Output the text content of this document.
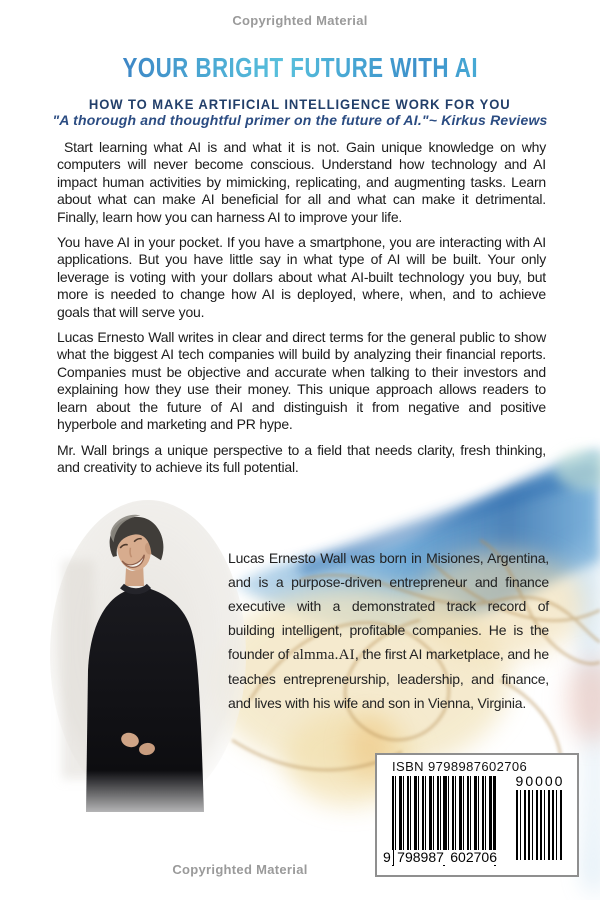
Copyrighted Material
YOUR BRIGHT FUTURE WITH AI
HOW TO MAKE ARTIFICIAL INTELLIGENCE WORK FOR YOU
"A thorough and thoughtful primer on the future of AI."~ Kirkus Reviews

Start learning what AI is and what it is not. Gain unique knowledge on why computers will never become conscious. Understand how technology and AI impact human activities by mimicking, replicating, and augmenting tasks. Learn about what can make AI beneficial for all and what can make it detrimental. Finally, learn how you can harness AI to improve your life.

You have AI in your pocket. If you have a smartphone, you are interacting with AI applications. But you have little say in what type of AI will be built. Your only leverage is voting with your dollars about what AI-built technology you buy, but more is needed to change how AI is deployed, where, when, and to achieve goals that will serve you.

Lucas Ernesto Wall writes in clear and direct terms for the general public to show what the biggest AI tech companies will build by analyzing their financial reports. Companies must be objective and accurate when talking to their investors and explaining how they use their money. This unique approach allows readers to learn about the future of AI and distinguish it from negative and positive hyperbole and marketing and PR hype.

Mr. Wall brings a unique perspective to a field that needs clarity, fresh thinking, and creativity to achieve its full potential.

Lucas Ernesto Wall was born in Misiones, Argentina, and is a purpose-driven entrepreneur and finance executive with a demonstrated track record of building intelligent, profitable companies. He is the founder of almma.AI, the first AI marketplace, and he teaches entrepreneurship, leadership, and finance, and lives with his wife and son in Vienna, Virginia.
ISBN 9798987602706
9 798987 602706
90000
Copyrighted Material
